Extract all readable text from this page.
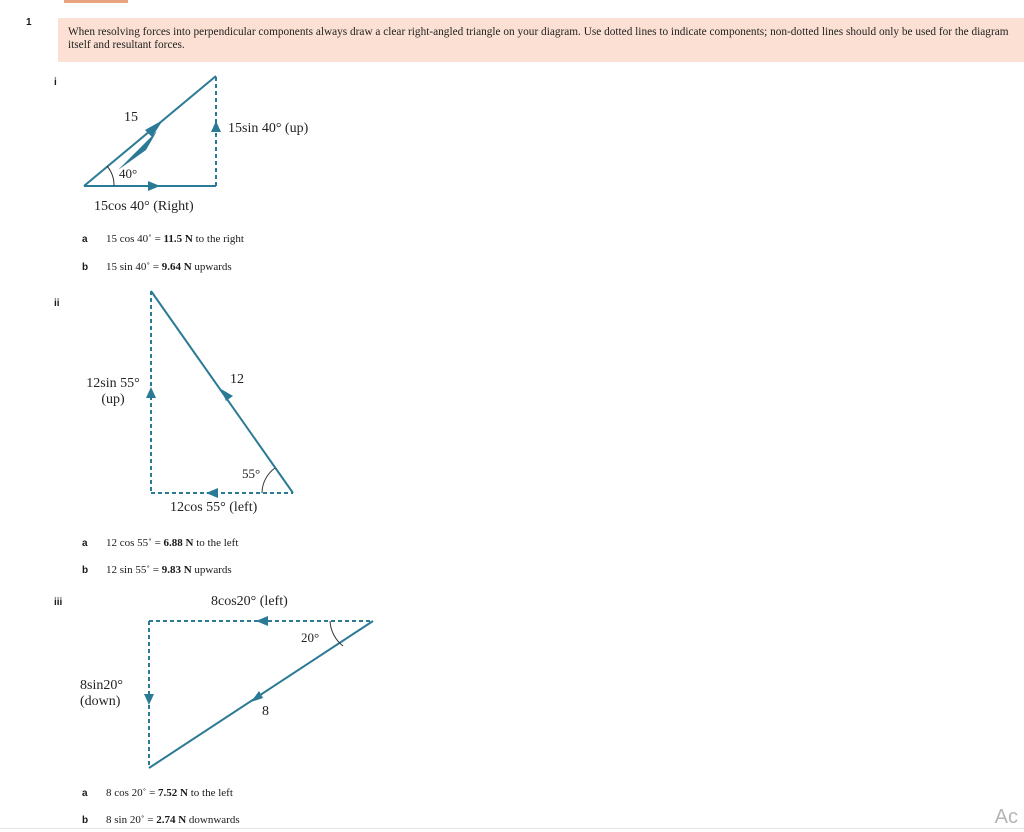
1
When resolving forces into perpendicular components always draw a clear right-angled triangle on your diagram. Use dotted lines to indicate components; non-dotted lines should only be used for the diagram itself and resultant forces.
i
15
15sin 40° (up)
40°
15cos 40° (Right)
a 15 cos 40˚ = 11.5 N to the right
b 15 sin 40˚ = 9.64 N upwards
ii
12sin 55°
(up)
12
55°
12cos 55° (left)
a 12 cos 55˚ = 6.88 N to the left
b 12 sin 55˚ = 9.83 N upwards
iii	8cos20° (left)
20°
8sin20°
(down)
8
a 8 cos 20˚ = 7.52 N to the left
b 8 sin 20˚ = 2.74 N downwards	Ac
